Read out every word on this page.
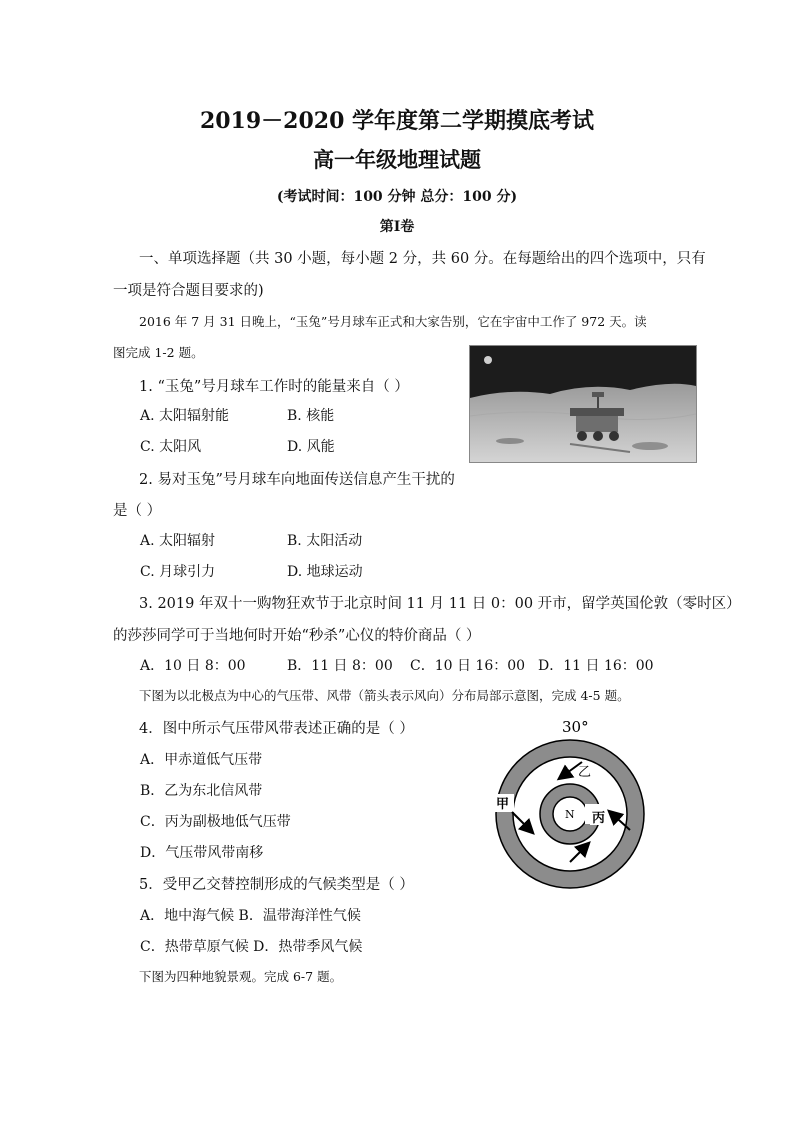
2019－2020 学年度第二学期摸底考试
高一年级地理试题
(考试时间：100 分钟 总分：100 分)
第Ⅰ卷
一、单项选择题（共 30 小题，每小题 2 分，共 60 分。在每题给出的四个选项中，只有
一项是符合题目要求的)
2016 年 7 月 31 日晚上，“玉兔”号月球车正式和大家告别，它在宇宙中工作了 972 天。读
图完成 1-2 题。
1. “玉兔”号月球车工作时的能量来自（ ）
A. 太阳辐射能	B. 核能
C. 太阳风	D. 风能
2. 易对玉兔”号月球车向地面传送信息产生干扰的
是（ ）
A. 太阳辐射	B. 太阳活动
C. 月球引力	D. 地球运动
3. 2019 年双十一购物狂欢节于北京时间 11 月 11 日 0：00 开市，留学英国伦敦（零时区）
的莎莎同学可于当地何时开始“秒杀”心仪的特价商品（ ）
A．10 日 8：00	B．11 日 8：00 C．10 日 16：00 D．11 日 16：00
下图为以北极点为中心的气压带、风带（箭头表示风向）分布局部示意图，完成 4-5 题。
4．图中所示气压带风带表述正确的是（ ）
A．甲赤道低气压带
B．乙为东北信风带
C．丙为副极地低气压带
D．气压带风带南移
5．受甲乙交替控制形成的气候类型是（ ）
A．地中海气候 B．温带海洋性气候
C．热带草原气候 D．热带季风气候
下图为四种地貌景观。完成 6-7 题。
30°
N
甲
乙
丙
